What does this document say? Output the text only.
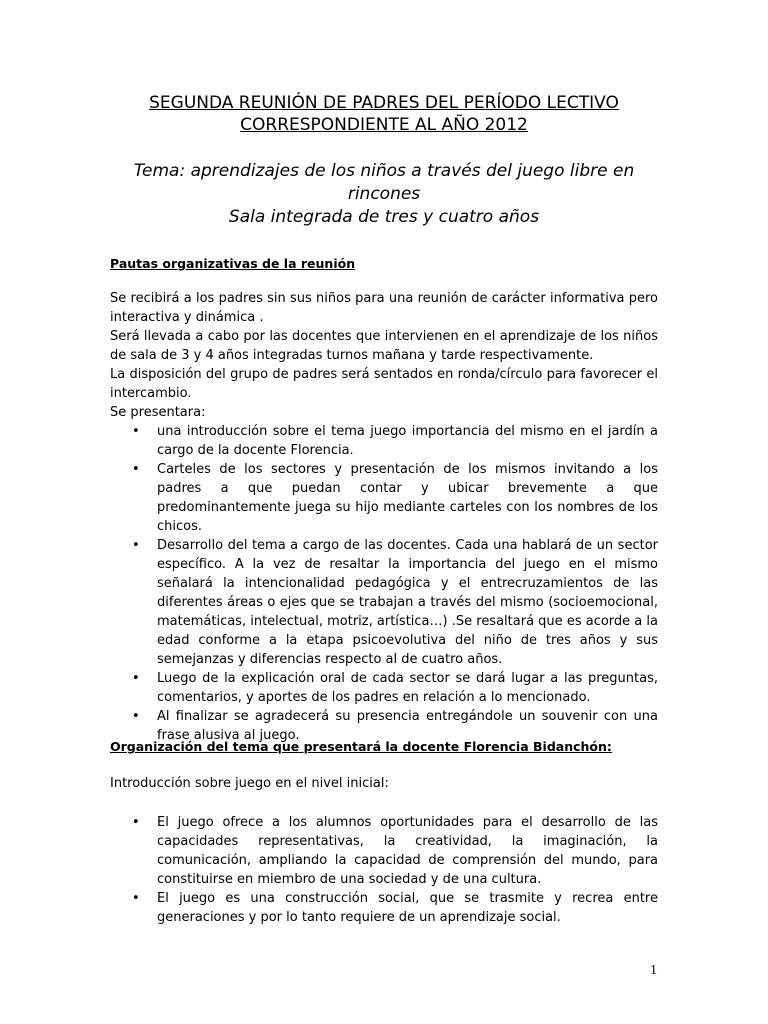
SEGUNDA REUNIÓN DE PADRES DEL PERÍODO LECTIVO
CORRESPONDIENTE AL AÑO 2012
Tema: aprendizajes de los niños a través del juego libre en
rincones
Sala integrada de tres y cuatro años
Pautas organizativas de la reunión

Se recibirá a los padres sin sus niños para una reunión de carácter informativa pero interactiva y dinámica .

Será llevada a cabo por las docentes que intervienen en el aprendizaje de los niños de sala de 3 y 4 años integradas turnos mañana y tarde respectivamente.

La disposición del grupo de padres será sentados en ronda/círculo para favorecer el intercambio.

Se presentara:

• una introducción sobre el tema juego importancia del mismo en el jardín a cargo de la docente Florencia.
• Carteles de los sectores y presentación de los mismos invitando a los padres a que puedan contar y ubicar brevemente a que predominantemente juega su hijo mediante carteles con los nombres de los chicos.
• Desarrollo del tema a cargo de las docentes. Cada una hablará de un sector específico. A la vez de resaltar la importancia del juego en el mismo señalará la intencionalidad pedagógica y el entrecruzamientos de las diferentes áreas o ejes que se trabajan a través del mismo (socioemocional, matemáticas, intelectual, motriz, artística…) .Se resaltará que es acorde a la edad conforme a la etapa psicoevolutiva del niño de tres años y sus semejanzas y diferencias respecto al de cuatro años.
• Luego de la explicación oral de cada sector se dará lugar a las preguntas, comentarios, y aportes de los padres en relación a lo mencionado.
• Al finalizar se agradecerá su presencia entregándole un souvenir con una frase alusiva al juego.
Organización del tema que presentará la docente Florencia Bidanchón:

Introducción sobre juego en el nivel inicial:

• El juego ofrece a los alumnos oportunidades para el desarrollo de las capacidades representativas, la creatividad, la imaginación, la comunicación, ampliando la capacidad de comprensión del mundo, para constituirse en miembro de una sociedad y de una cultura.
• El juego es una construcción social, que se trasmite y recrea entre generaciones y por lo tanto requiere de un aprendizaje social.
1
